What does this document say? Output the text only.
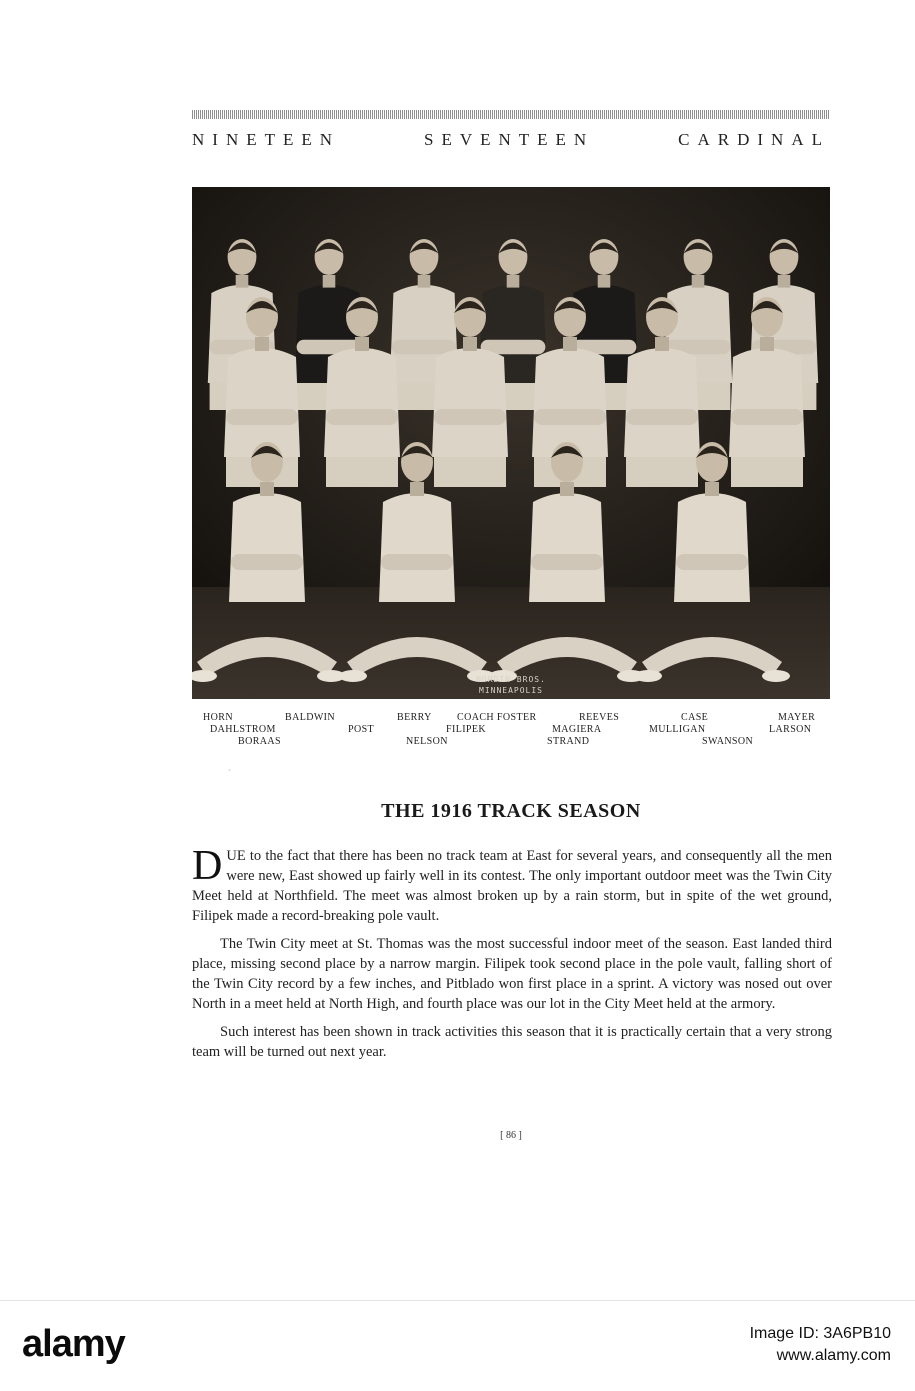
NINETEEN	SEVENTEEN	CARDINAL
NORDIN BROS.
MINNEAPOLIS
HORN	BALDWIN	BERRY	COACH FOSTER	REEVES	CASE	MAYER
DAHLSTROM	POST	FILIPEK	MAGIERA	MULLIGAN	LARSON
BORAAS	NELSON	STRAND	SWANSON
˜
THE 1916 TRACK SEASON

DUE to the fact that there has been no track team at East for several years, and consequently all the men were new, East showed up fairly well in its contest. The only important outdoor meet was the Twin City Meet held at Northfield. The meet was almost broken up by a rain storm, but in spite of the wet ground, Filipek made a record-breaking pole vault.

The Twin City meet at St. Thomas was the most successful indoor meet of the season. East landed third place, missing second place by a narrow margin. Filipek took second place in the pole vault, falling short of the Twin City record by a few inches, and Pitblado won first place in a sprint. A victory was nosed out over North in a meet held at North High, and fourth place was our lot in the City Meet held at the armory.

Such interest has been shown in track activities this season that it is practically certain that a very strong team will be turned out next year.

[ 86 ]
alamy	Image ID: 3A6PB10
www.alamy.com
